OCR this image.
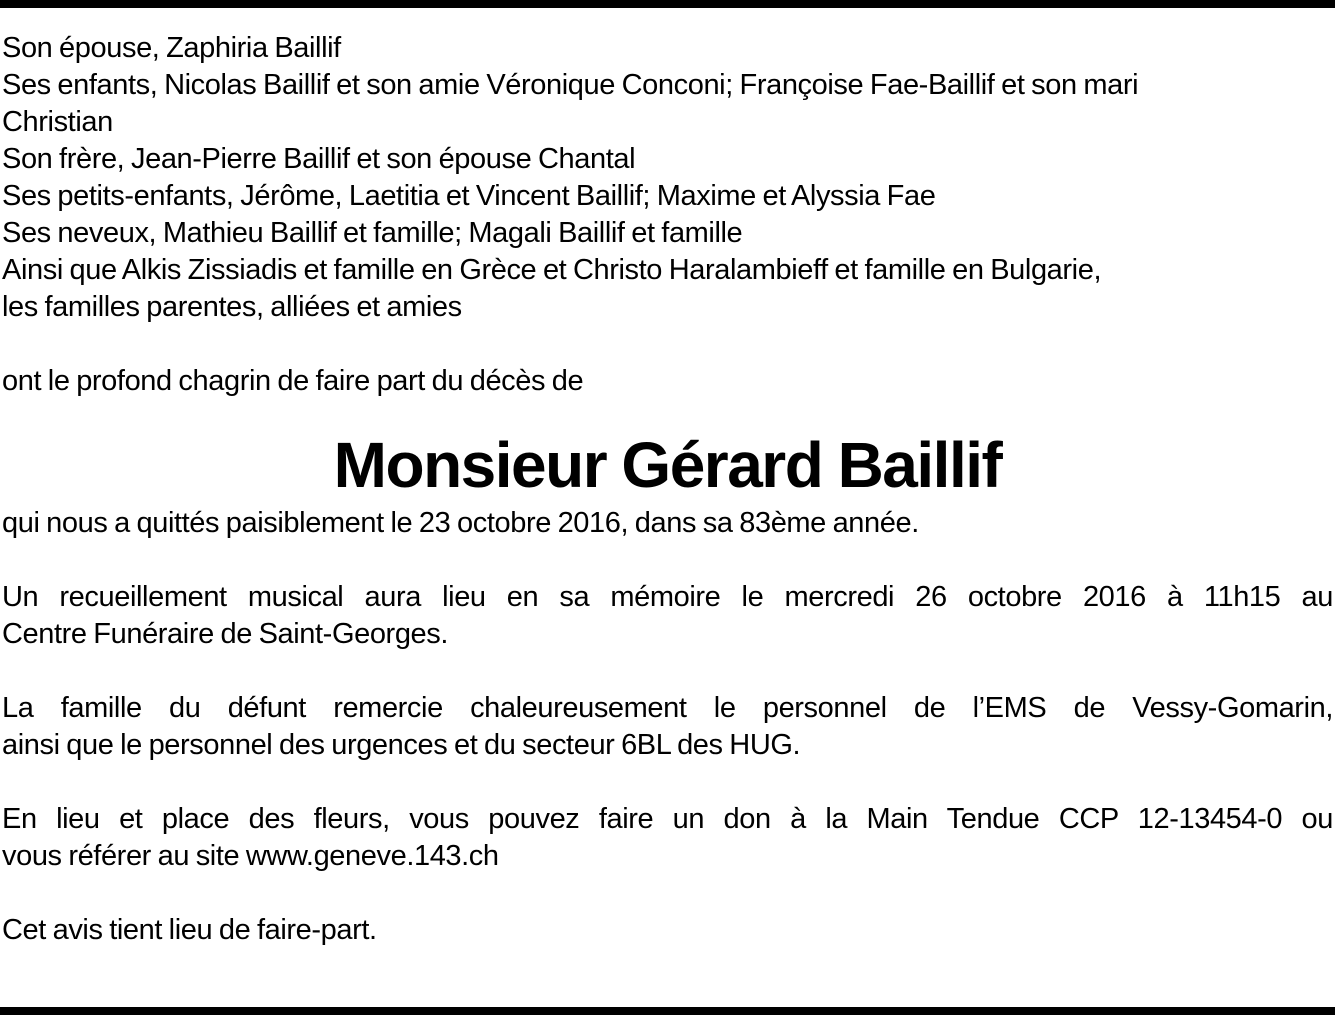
Son épouse, Zaphiria Baillif
Ses enfants, Nicolas Baillif et son amie Véronique Conconi; Françoise Fae-Baillif et son mari
Christian
Son frère, Jean-Pierre Baillif et son épouse Chantal
Ses petits-enfants, Jérôme, Laetitia et Vincent Baillif; Maxime et Alyssia Fae
Ses neveux, Mathieu Baillif et famille; Magali Baillif et famille
Ainsi que Alkis Zissiadis et famille en Grèce et Christo Haralambieff et famille en Bulgarie,
les familles parentes, alliées et amies
ont le profond chagrin de faire part du décès de
Monsieur Gérard Baillif
qui nous a quittés paisiblement le 23 octobre 2016, dans sa 83ème année.
Un recueillement musical aura lieu en sa mémoire le mercredi 26 octobre 2016 à 11h15 au
Centre Funéraire de Saint-Georges.
La famille du défunt remercie chaleureusement le personnel de l’EMS de Vessy-Gomarin,
ainsi que le personnel des urgences et du secteur 6BL des HUG.
En lieu et place des fleurs, vous pouvez faire un don à la Main Tendue CCP 12-13454-0 ou
vous référer au site www.geneve.143.ch
Cet avis tient lieu de faire-part.
